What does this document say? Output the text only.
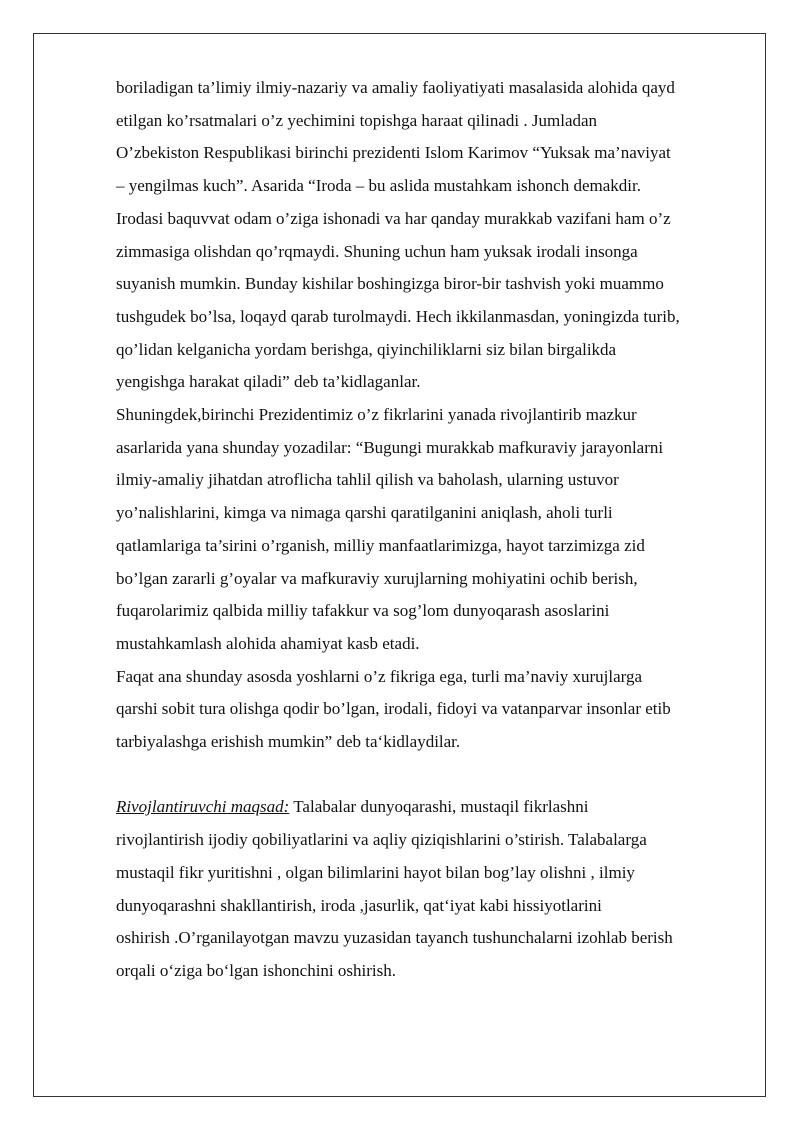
boriladigan ta’limiy ilmiy-nazariy va amaliy faoliyatiyati masalasida alohida qayd
etilgan ko’rsatmalari o’z yechimini topishga haraat qilinadi . Jumladan
O’zbekiston Respublikasi birinchi prezidenti Islom Karimov “Yuksak ma’naviyat
– yengilmas kuch”. Asarida “Iroda – bu aslida mustahkam ishonch demakdir.
Irodasi baquvvat odam o’ziga ishonadi va har qanday murakkab vazifani ham o’z
zimmasiga olishdan qo’rqmaydi. Shuning uchun ham yuksak irodali insonga
suyanish mumkin. Bunday kishilar boshingizga biror-bir tashvish yoki muammo
tushgudek bo’lsa, loqayd qarab turolmaydi. Hech ikkilanmasdan, yoningizda turib,
qo’lidan kelganicha yordam berishga, qiyinchiliklarni siz bilan birgalikda
yengishga harakat qiladi” deb ta’kidlaganlar.
Shuningdek,birinchi Prezidentimiz o’z fikrlarini yanada rivojlantirib mazkur
asarlarida yana shunday yozadilar: “Bugungi murakkab mafkuraviy jarayonlarni
ilmiy-amaliy jihatdan atroflicha tahlil qilish va baholash, ularning ustuvor
yo’nalishlarini, kimga va nimaga qarshi qaratilganini aniqlash, aholi turli
qatlamlariga ta’sirini o’rganish, milliy manfaatlarimizga, hayot tarzimizga zid
bo’lgan zararli g’oyalar va mafkuraviy xurujlarning mohiyatini ochib berish,
fuqarolarimiz qalbida milliy tafakkur va sog’lom dunyoqarash asoslarini
mustahkamlash alohida ahamiyat kasb etadi.
Faqat ana shunday asosda yoshlarni o’z fikriga ega, turli ma’naviy xurujlarga
qarshi sobit tura olishga qodir bo’lgan, irodali, fidoyi va vatanparvar insonlar etib
tarbiyalashga erishish mumkin” deb ta‘kidlaydilar.
Rivojlantiruvchi maqsad: Talabalar dunyoqarashi, mustaqil fikrlashni
rivojlantirish ijodiy qobiliyatlarini va aqliy qiziqishlarini o’stirish. Talabalarga
mustaqil fikr yuritishni , olgan bilimlarini hayot bilan bog’lay olishni , ilmiy
dunyoqarashni shakllantirish, iroda ,jasurlik, qat‘iyat kabi hissiyotlarini
oshirish .O’rganilayotgan mavzu yuzasidan tayanch tushunchalarni izohlab berish
orqali o‘ziga bo‘lgan ishonchini oshirish.
